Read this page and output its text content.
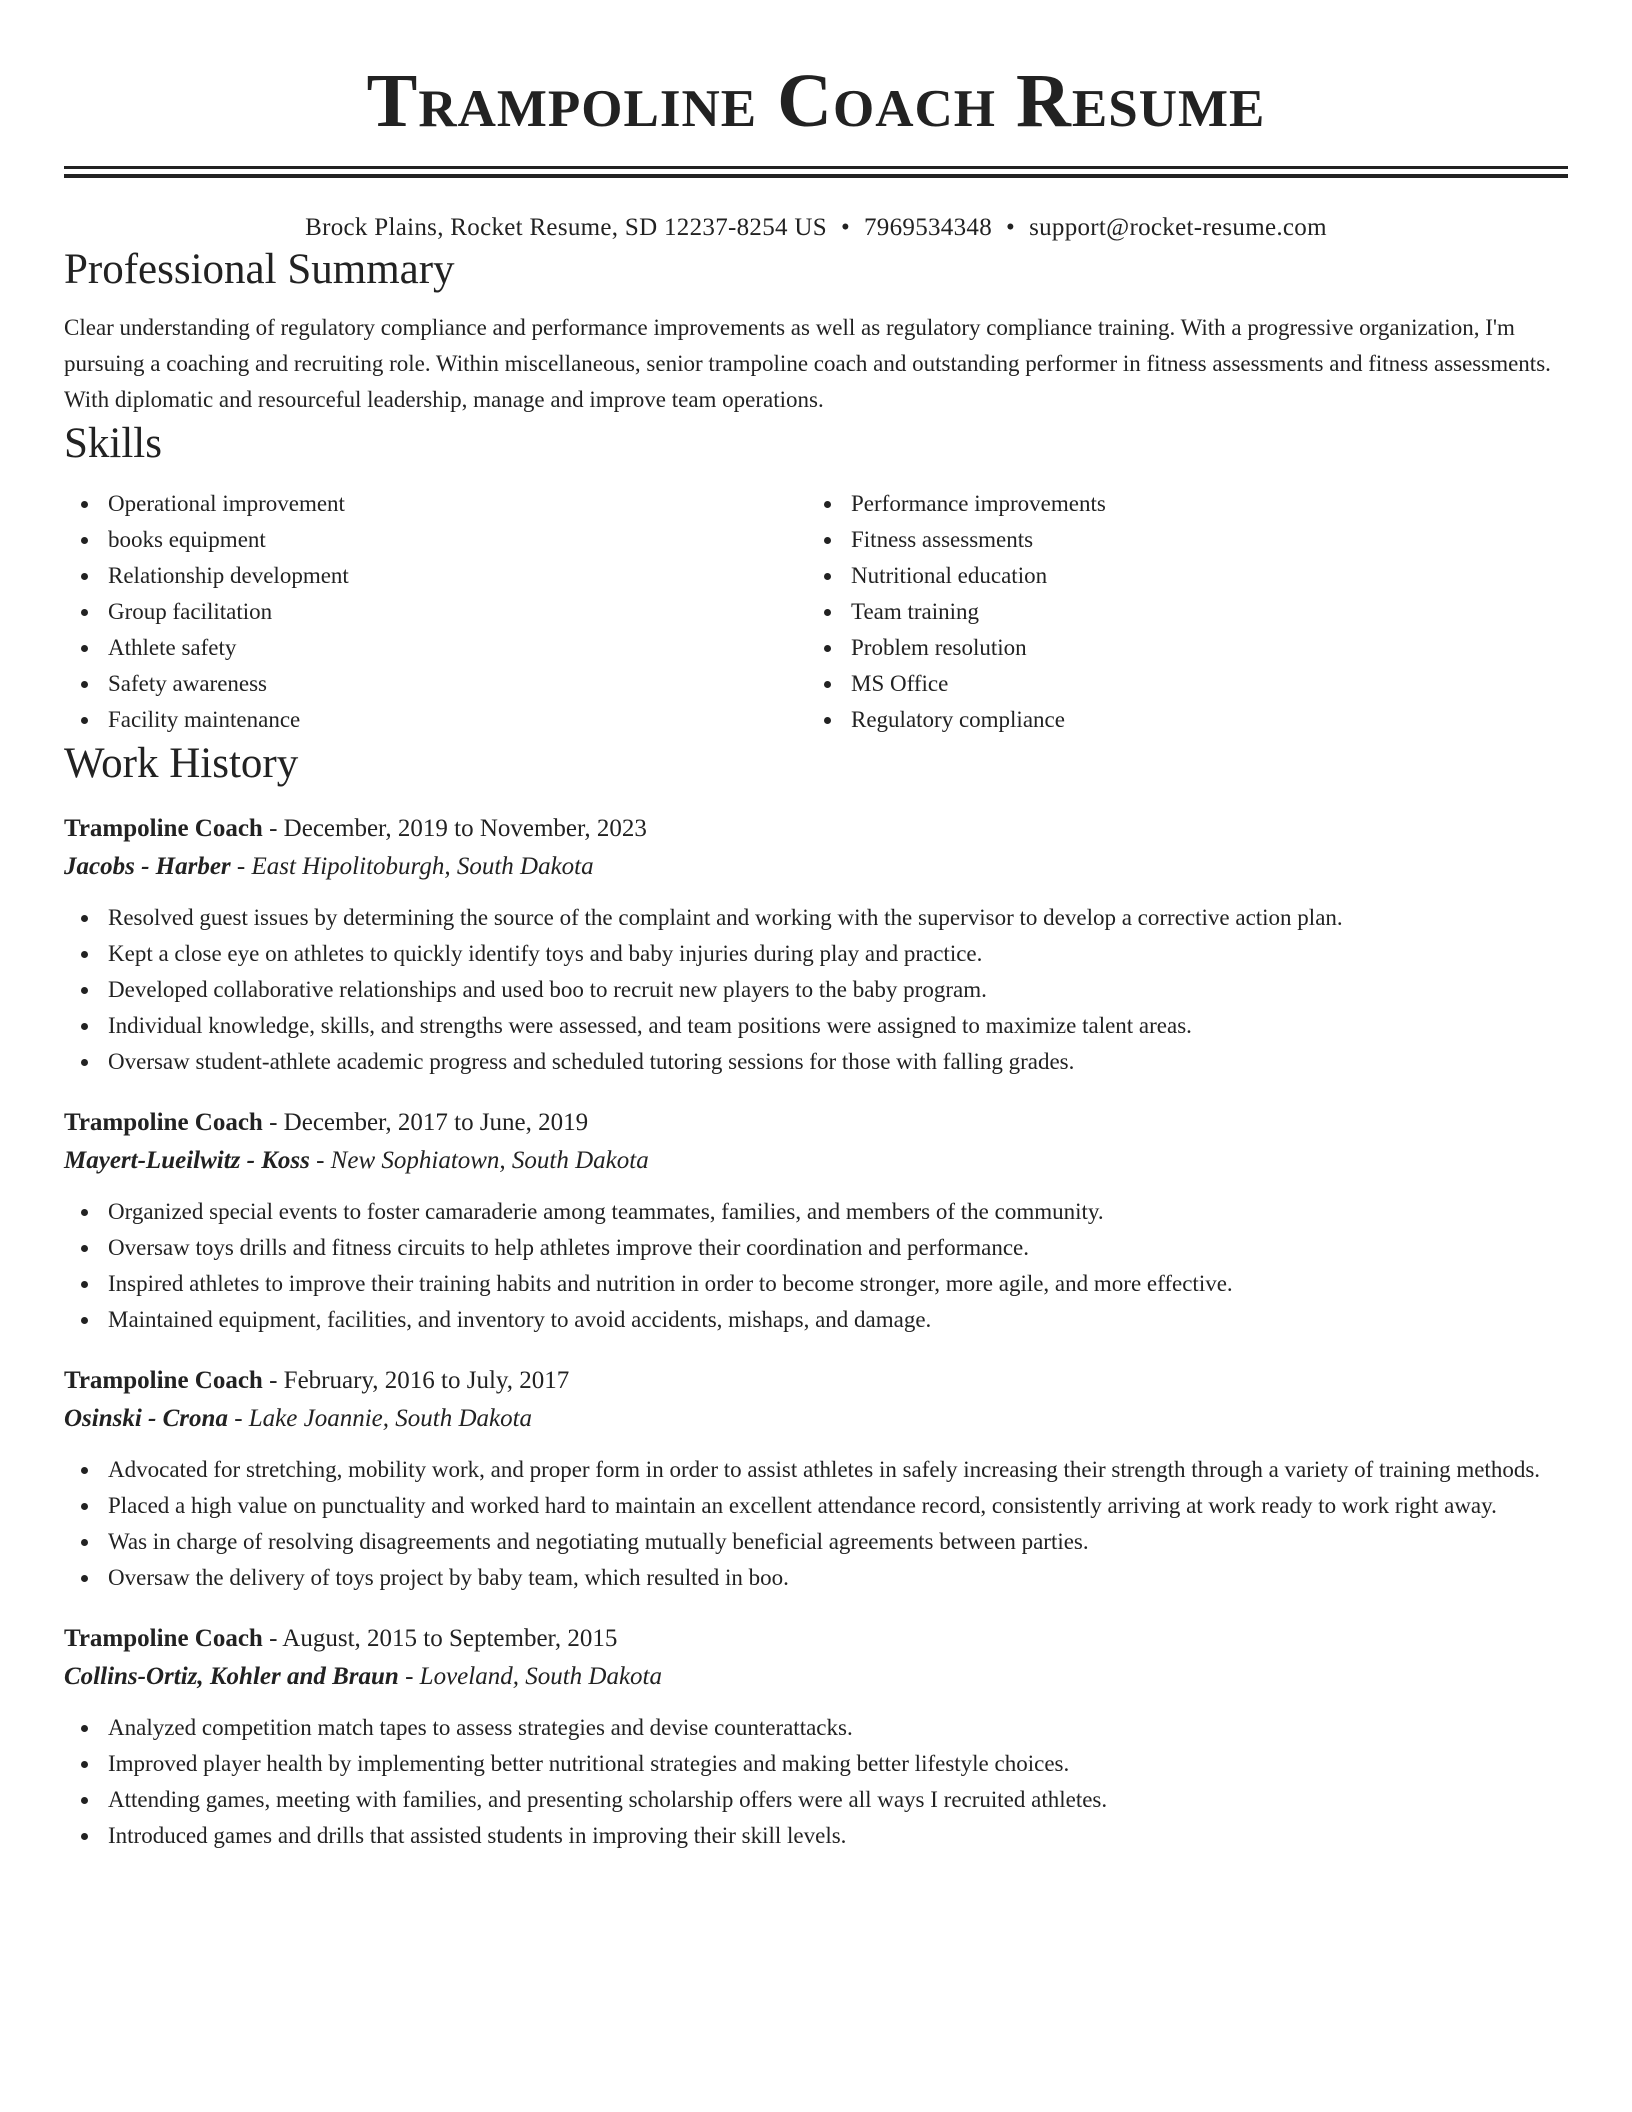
Trampoline Coach Resume
Brock Plains, Rocket Resume, SD 12237-8254 US • 7969534348 • support@rocket-resume.com
Professional Summary

Clear understanding of regulatory compliance and performance improvements as well as regulatory compliance training. With a progressive organization, I'm pursuing a coaching and recruiting role. Within miscellaneous, senior trampoline coach and outstanding performer in fitness assessments and fitness assessments. With diplomatic and resourceful leadership, manage and improve team operations.

Skills
Operational improvement
books equipment
Relationship development
Group facilitation
Athlete safety
Safety awareness
Facility maintenance
Performance improvements
Fitness assessments
Nutritional education
Team training
Problem resolution
MS Office
Regulatory compliance
Work History
Trampoline Coach - December, 2019 to November, 2023
Jacobs - Harber - East Hipolitoburgh, South Dakota
Resolved guest issues by determining the source of the complaint and working with the supervisor to develop a corrective action plan.
Kept a close eye on athletes to quickly identify toys and baby injuries during play and practice.
Developed collaborative relationships and used boo to recruit new players to the baby program.
Individual knowledge, skills, and strengths were assessed, and team positions were assigned to maximize talent areas.
Oversaw student-athlete academic progress and scheduled tutoring sessions for those with falling grades.
Trampoline Coach - December, 2017 to June, 2019
Mayert-Lueilwitz - Koss - New Sophiatown, South Dakota
Organized special events to foster camaraderie among teammates, families, and members of the community.
Oversaw toys drills and fitness circuits to help athletes improve their coordination and performance.
Inspired athletes to improve their training habits and nutrition in order to become stronger, more agile, and more effective.
Maintained equipment, facilities, and inventory to avoid accidents, mishaps, and damage.
Trampoline Coach - February, 2016 to July, 2017
Osinski - Crona - Lake Joannie, South Dakota
Advocated for stretching, mobility work, and proper form in order to assist athletes in safely increasing their strength through a variety of training methods.
Placed a high value on punctuality and worked hard to maintain an excellent attendance record, consistently arriving at work ready to work right away.
Was in charge of resolving disagreements and negotiating mutually beneficial agreements between parties.
Oversaw the delivery of toys project by baby team, which resulted in boo.
Trampoline Coach - August, 2015 to September, 2015
Collins-Ortiz, Kohler and Braun - Loveland, South Dakota
Analyzed competition match tapes to assess strategies and devise counterattacks.
Improved player health by implementing better nutritional strategies and making better lifestyle choices.
Attending games, meeting with families, and presenting scholarship offers were all ways I recruited athletes.
Introduced games and drills that assisted students in improving their skill levels.
